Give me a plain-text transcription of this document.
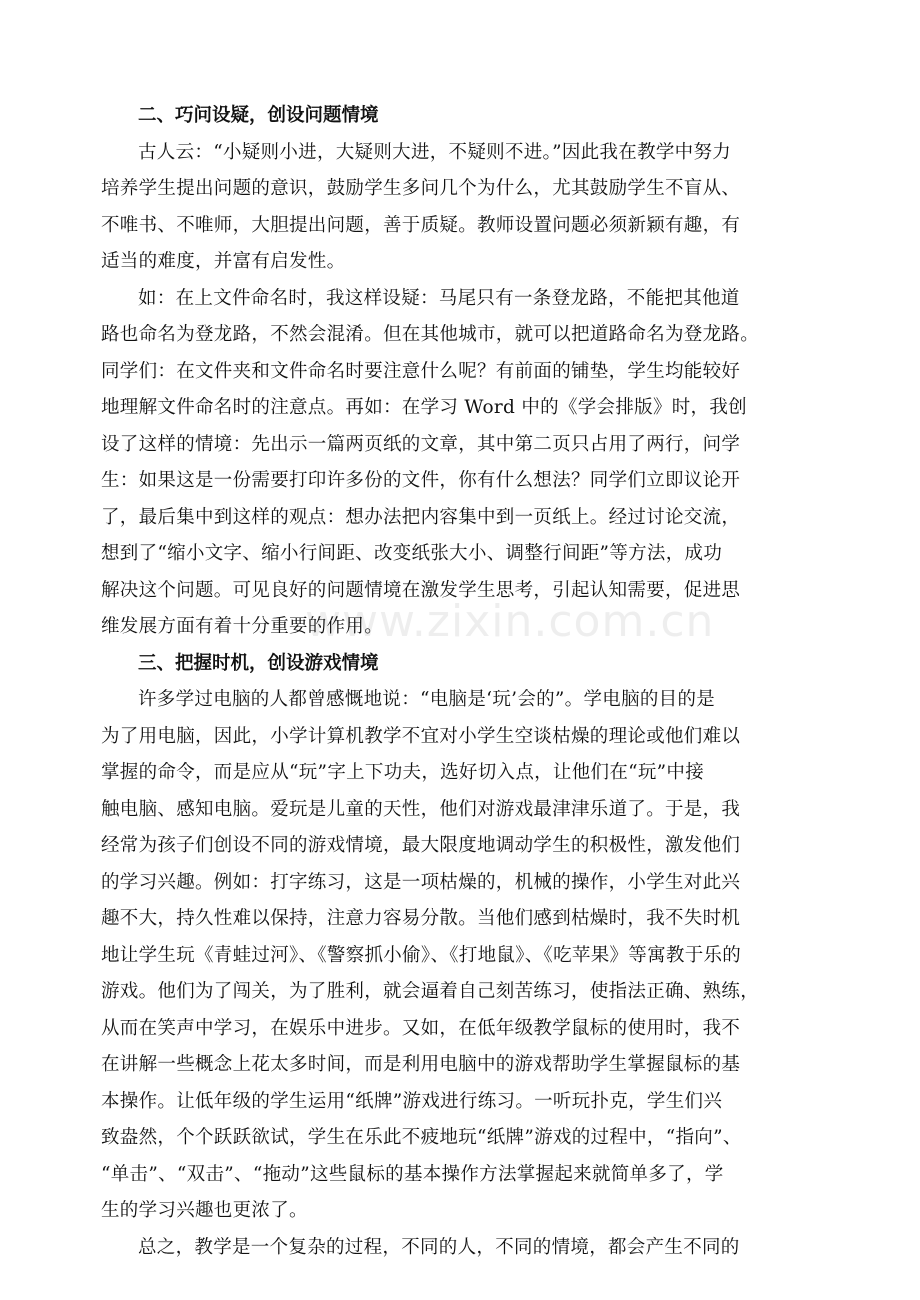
www.zixin.com.cn

二、巧问设疑，创设问题情境

古人云：“小疑则小进，大疑则大进，不疑则不进。”因此我在教学中努力
培养学生提出问题的意识，鼓励学生多问几个为什么，尤其鼓励学生不盲从、
不唯书、不唯师，大胆提出问题，善于质疑。教师设置问题必须新颖有趣，有
适当的难度，并富有启发性。
如：在上文件命名时，我这样设疑：马尾只有一条登龙路，不能把其他道
路也命名为登龙路，不然会混淆。但在其他城市，就可以把道路命名为登龙路。
同学们：在文件夹和文件命名时要注意什么呢？有前面的铺垫，学生均能较好
地理解文件命名时的注意点。再如：在学习 Word 中的《学会排版》时，我创
设了这样的情境：先出示一篇两页纸的文章，其中第二页只占用了两行，问学
生：如果这是一份需要打印许多份的文件，你有什么想法？同学们立即议论开
了，最后集中到这样的观点：想办法把内容集中到一页纸上。经过讨论交流，
想到了“缩小文字、缩小行间距、改变纸张大小、调整行间距”等方法，成功
解决这个问题。可见良好的问题情境在激发学生思考，引起认知需要，促进思
维发展方面有着十分重要的作用。

三、把握时机，创设游戏情境

许多学过电脑的人都曾感慨地说：“电脑是‘玩’会的”。学电脑的目的是
为了用电脑，因此，小学计算机教学不宜对小学生空谈枯燥的理论或他们难以
掌握的命令，而是应从“玩”字上下功夫，选好切入点，让他们在“玩”中接
触电脑、感知电脑。爱玩是儿童的天性，他们对游戏最津津乐道了。于是，我
经常为孩子们创设不同的游戏情境，最大限度地调动学生的积极性，激发他们
的学习兴趣。例如：打字练习，这是一项枯燥的，机械的操作，小学生对此兴
趣不大，持久性难以保持，注意力容易分散。当他们感到枯燥时，我不失时机
地让学生玩《青蛙过河》、《警察抓小偷》、《打地鼠》、《吃苹果》等寓教于乐的
游戏。他们为了闯关，为了胜利，就会逼着自己刻苦练习，使指法正确、熟练，
从而在笑声中学习，在娱乐中进步。又如，在低年级教学鼠标的使用时，我不
在讲解一些概念上花太多时间，而是利用电脑中的游戏帮助学生掌握鼠标的基
本操作。让低年级的学生运用“纸牌”游戏进行练习。一听玩扑克，学生们兴
致盎然，个个跃跃欲试，学生在乐此不疲地玩“纸牌”游戏的过程中，“指向”、
“单击”、“双击”、“拖动”这些鼠标的基本操作方法掌握起来就简单多了，学
生的学习兴趣也更浓了。
总之，教学是一个复杂的过程，不同的人，不同的情境，都会产生不同的
